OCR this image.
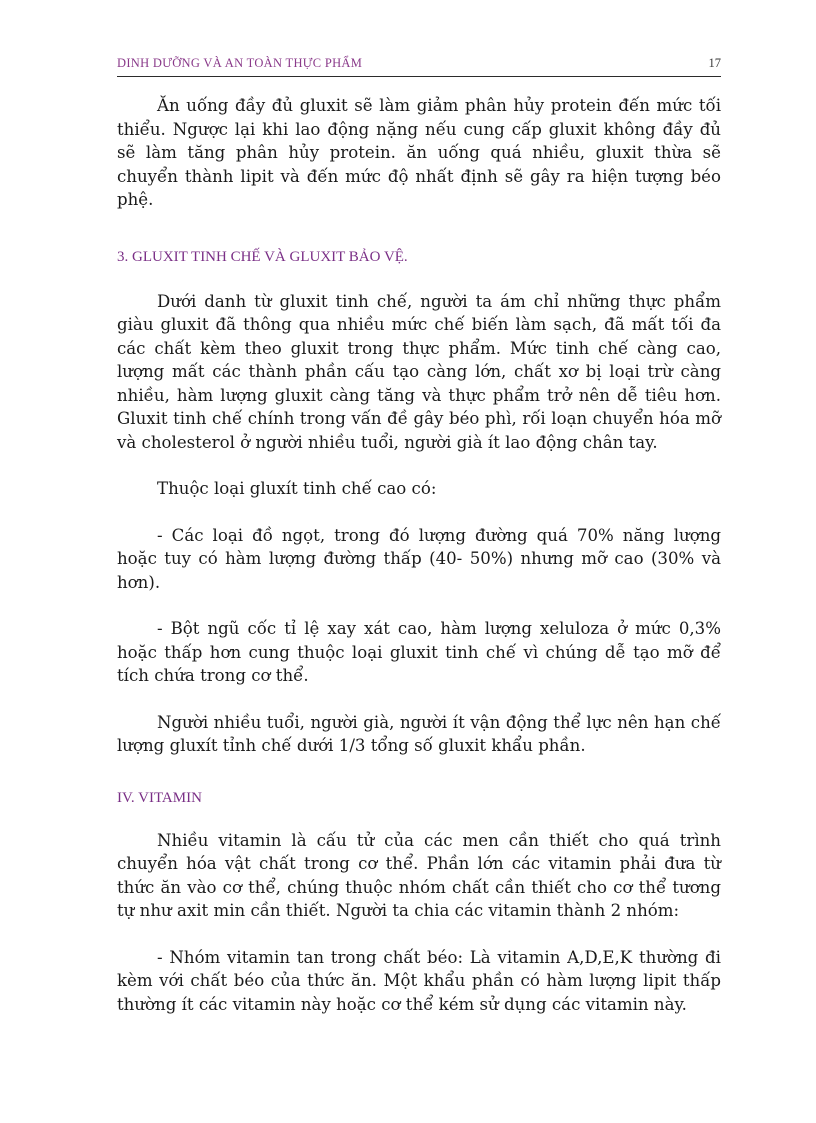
DINH DƯỠNG VÀ AN TOÀN THỰC PHẨM	17

Ăn uống đầy đủ gluxit sẽ làm giảm phân hủy protein đến mức tối thiểu. Ngược lại khi lao động nặng nếu cung cấp gluxit không đầy đủ sẽ làm tăng phân hủy protein. ăn uống quá nhiều, gluxit thừa sẽ chuyển thành lipit và đến mức độ nhất định sẽ gây ra hiện tượng béo phệ.

3. GLUXIT TINH CHẾ VÀ GLUXIT BẢO VỆ.

Dưới danh từ gluxit tinh chế, người ta ám chỉ những thực phẩm giàu gluxit đã thông qua nhiều mức chế biến làm sạch, đã mất tối đa các chất kèm theo gluxit trong thực phẩm. Mức tinh chế càng cao, lượng mất các thành phần cấu tạo càng lớn, chất xơ bị loại trừ càng nhiều, hàm lượng gluxit càng tăng và thực phẩm trở nên dễ tiêu hơn. Gluxit tinh chế chính trong vấn đề gây béo phì, rối loạn chuyển hóa mỡ và cholesterol ở người nhiều tuổi, người già ít lao động chân tay.

Thuộc loại gluxít tinh chế cao có:

- Các loại đồ ngọt, trong đó lượng đường quá 70% năng lượng hoặc tuy có hàm lượng đường thấp (40- 50%) nhưng mỡ cao (30% và hơn).

- Bột ngũ cốc tỉ lệ xay xát cao, hàm lượng xeluloza ở mức 0,3% hoặc thấp hơn cung thuộc loại gluxit tinh chế vì chúng dễ tạo mỡ để tích chứa trong cơ thể.

Người nhiều tuổi, người già, người ít vận động thể lực nên hạn chế lượng gluxít tỉnh chế dưới 1/3 tổng số gluxit khẩu phần.

IV. VITAMIN

Nhiều vitamin là cấu tử của các men cần thiết cho quá trình chuyển hóa vật chất trong cơ thể. Phần lớn các vitamin phải đưa từ thức ăn vào cơ thể, chúng thuộc nhóm chất cần thiết cho cơ thể tương tự như axit min cần thiết. Người ta chia các vitamin thành 2 nhóm:

- Nhóm vitamin tan trong chất béo: Là vitamin A,D,E,K thường đi kèm với chất béo của thức ăn. Một khẩu phần có hàm lượng lipit thấp thường ít các vitamin này hoặc cơ thể kém sử dụng các vitamin này.
